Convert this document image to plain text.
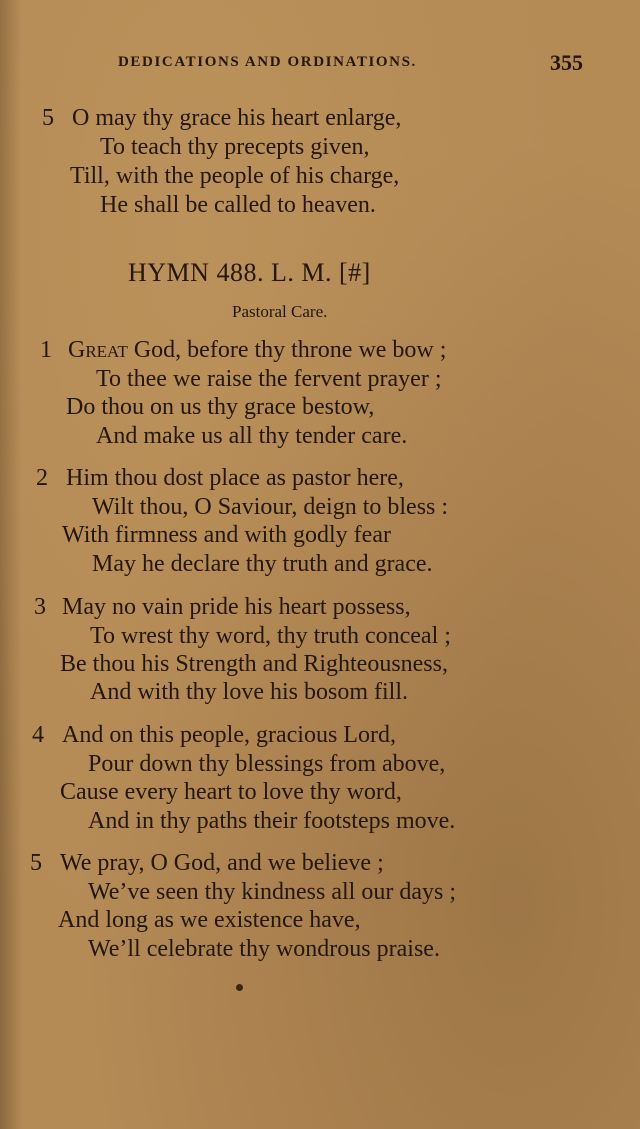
DEDICATIONS AND ORDINATIONS.	355
5 O may thy grace his heart enlarge,
To teach thy precepts given,
Till, with the people of his charge,
He shall be called to heaven.
HYMN 488. L. M. [#]
Pastoral Care.
1 Great God, before thy throne we bow ;
To thee we raise the fervent prayer ;
Do thou on us thy grace bestow,
And make us all thy tender care.
2 Him thou dost place as pastor here,
Wilt thou, O Saviour, deign to bless :
With firmness and with godly fear
May he declare thy truth and grace.
3 May no vain pride his heart possess,
To wrest thy word, thy truth conceal ;
Be thou his Strength and Righteousness,
And with thy love his bosom fill.
4 And on this people, gracious Lord,
Pour down thy blessings from above,
Cause every heart to love thy word,
And in thy paths their footsteps move.
5 We pray, O God, and we believe ;
We’ve seen thy kindness all our days ;
And long as we existence have,
We’ll celebrate thy wondrous praise.
